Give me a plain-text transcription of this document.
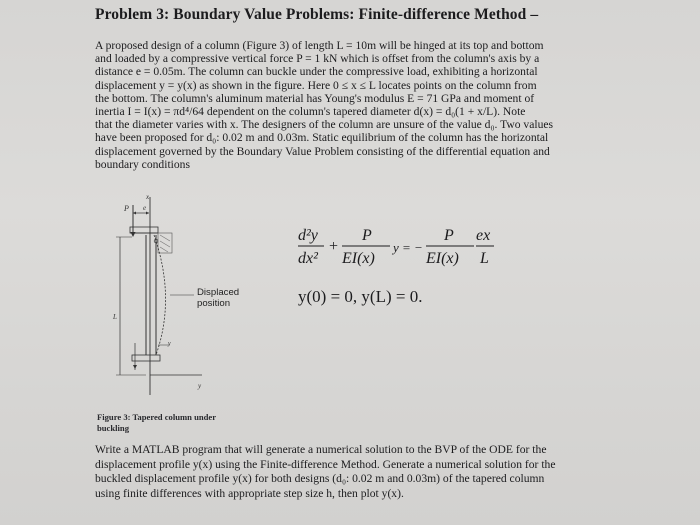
Problem 3: Boundary Value Problems: Finite-difference Method –

A proposed design of a column (Figure 3) of length L = 10m will be hinged at its top and bottom

and loaded by a compressive vertical force P = 1 kN which is offset from the column's axis by a

distance e = 0.05m. The column can buckle under the compressive load, exhibiting a horizontal

displacement y = y(x) as shown in the figure. Here 0 ≤ x ≤ L locates points on the column from

the bottom. The column's aluminum material has Young's modulus E = 71 GPa and moment of

inertia I = I(x) = πd⁴/64 dependent on the column's tapered diameter d(x) = d₀(1 + x/L). Note

that the diameter varies with x. The designers of the column are unsure of the value d₀. Two values

have been proposed for d₀: 0.02 m and 0.03m. Static equilibrium of the column has the horizontal

displacement governed by the Boundary Value Problem consisting of the differential equation and

boundary conditions

x
P e
L
y
y
Displaced
position
Figure 3: Tapered column under
buckling
d²y
dx²
+
P
EI(x)
y = −
P
EI(x)
ex
L
y(0) = 0, y(L) = 0.

Write a MATLAB program that will generate a numerical solution to the BVP of the ODE for the

displacement profile y(x) using the Finite-difference Method. Generate a numerical solution for the

buckled displacement profile y(x) for both designs (d₀: 0.02 m and 0.03m) of the tapered column

using finite differences with appropriate step size h, then plot y(x).
